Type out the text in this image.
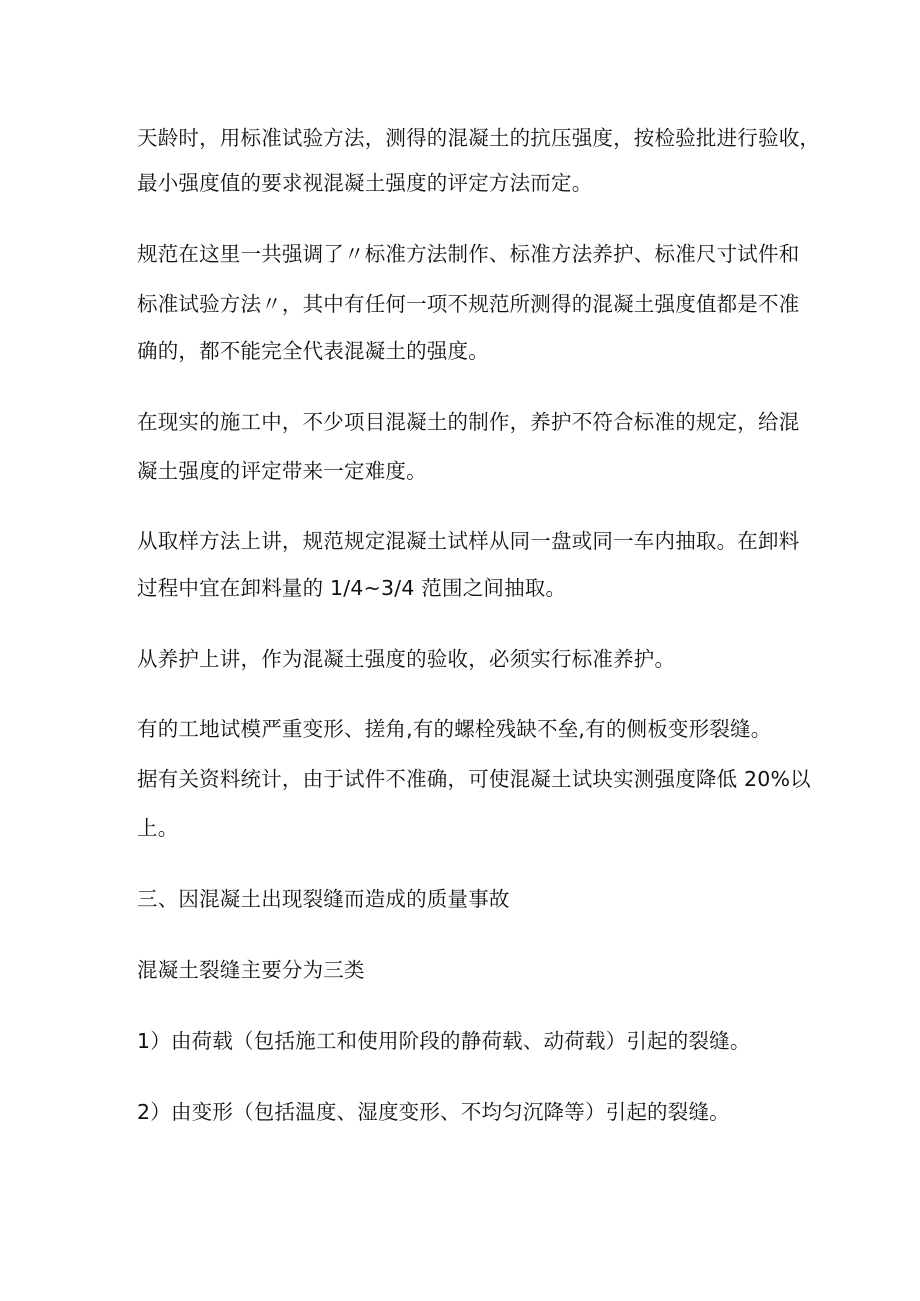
天龄时，用标准试验方法，测得的混凝土的抗压强度，按检验批进行验收，

最小强度值的要求视混凝土强度的评定方法而定。

规范在这里一共强调了〃标准方法制作、标准方法养护、标准尺寸试件和

标准试验方法〃，其中有任何一项不规范所测得的混凝土强度值都是不准

确的，都不能完全代表混凝土的强度。

在现实的施工中，不少项目混凝土的制作，养护不符合标准的规定，给混

凝土强度的评定带来一定难度。

从取样方法上讲，规范规定混凝土试样从同一盘或同一车内抽取。在卸料

过程中宜在卸料量的 1/4~3/4 范围之间抽取。

从养护上讲，作为混凝土强度的验收，必须实行标准养护。

有的工地试模严重变形、搓角,有的螺栓残缺不垒,有的侧板变形裂缝。

据有关资料统计，由于试件不准确，可使混凝土试块实测强度降低 20%以

上。

三、因混凝土出现裂缝而造成的质量事故

混凝土裂缝主要分为三类

1）由荷载（包括施工和使用阶段的静荷载、动荷载）引起的裂缝。

2）由变形（包括温度、湿度变形、不均匀沉降等）引起的裂缝。
